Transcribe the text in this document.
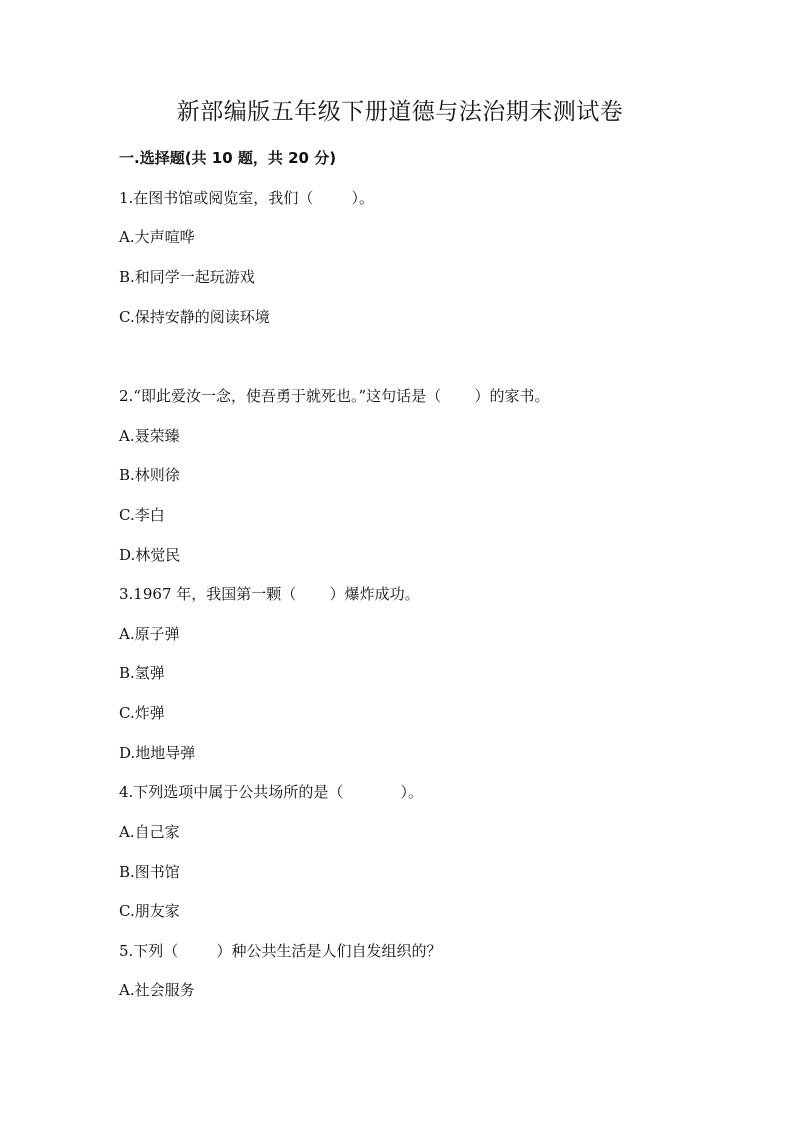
新部编版五年级下册道德与法治期末测试卷
一.选择题(共 10 题，共 20 分)
1.在图书馆或阅览室，我们（        ）。
A.大声喧哗
B.和同学一起玩游戏
C.保持安静的阅读环境
2.“即此爱汝一念，使吾勇于就死也。”这句话是（       ）的家书。
A.聂荣臻
B.林则徐
C.李白
D.林觉民
3.1967 年，我国第一颗（       ）爆炸成功。
A.原子弹
B.氢弹
C.炸弹
D.地地导弹
4.下列选项中属于公共场所的是（            ）。
A.自己家
B.图书馆
C.朋友家
5.下列（        ）种公共生活是人们自发组织的？
A.社会服务
